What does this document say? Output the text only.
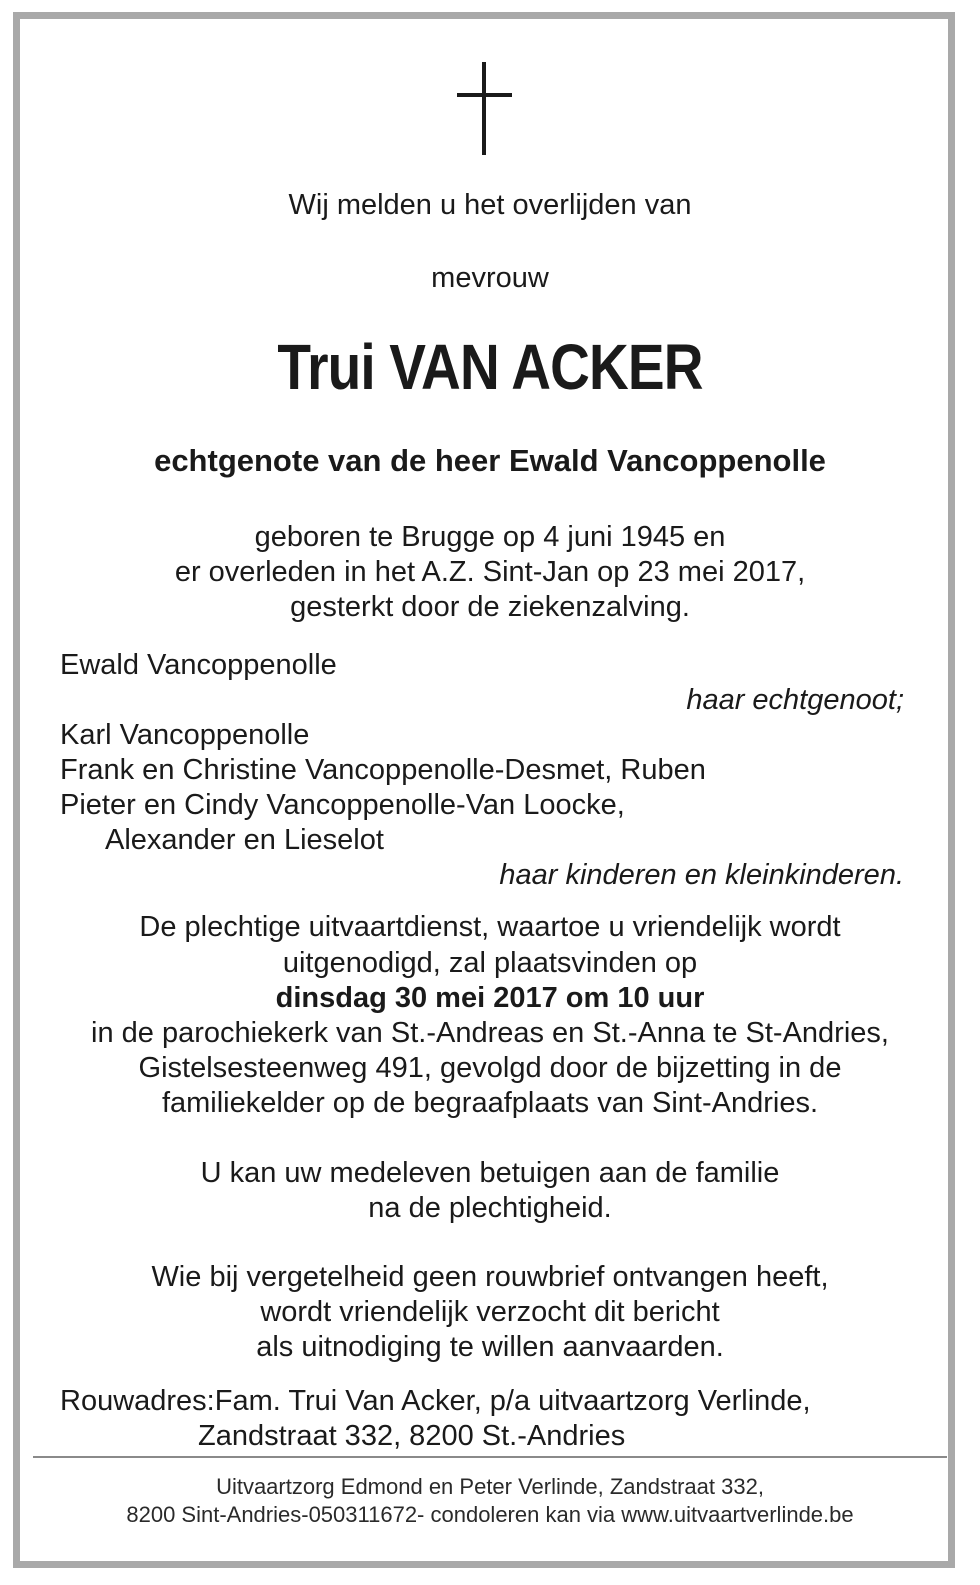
Wij melden u het overlijden van
mevrouw
Trui VAN ACKER
echtgenote van de heer Ewald Vancoppenolle
geboren te Brugge op 4 juni 1945 en
er overleden in het A.Z. Sint-Jan op 23 mei 2017,
gesterkt door de ziekenzalving.
Ewald Vancoppenolle
haar echtgenoot;
Karl Vancoppenolle
Frank en Christine Vancoppenolle-Desmet, Ruben
Pieter en Cindy Vancoppenolle-Van Loocke,
Alexander en Lieselot
haar kinderen en kleinkinderen.
De plechtige uitvaartdienst, waartoe u vriendelijk wordt
uitgenodigd, zal plaatsvinden op
dinsdag 30 mei 2017 om 10 uur
in de parochiekerk van St.-Andreas en St.-Anna te St-Andries,
Gistelsesteenweg 491, gevolgd door de bijzetting in de
familiekelder op de begraafplaats van Sint-Andries.
U kan uw medeleven betuigen aan de familie
na de plechtigheid.
Wie bij vergetelheid geen rouwbrief ontvangen heeft,
wordt vriendelijk verzocht dit bericht
als uitnodiging te willen aanvaarden.
Rouwadres:Fam. Trui Van Acker, p/a uitvaartzorg Verlinde,
Zandstraat 332, 8200 St.-Andries
Uitvaartzorg Edmond en Peter Verlinde, Zandstraat 332,
8200 Sint-Andries-050311672- condoleren kan via www.uitvaartverlinde.be
